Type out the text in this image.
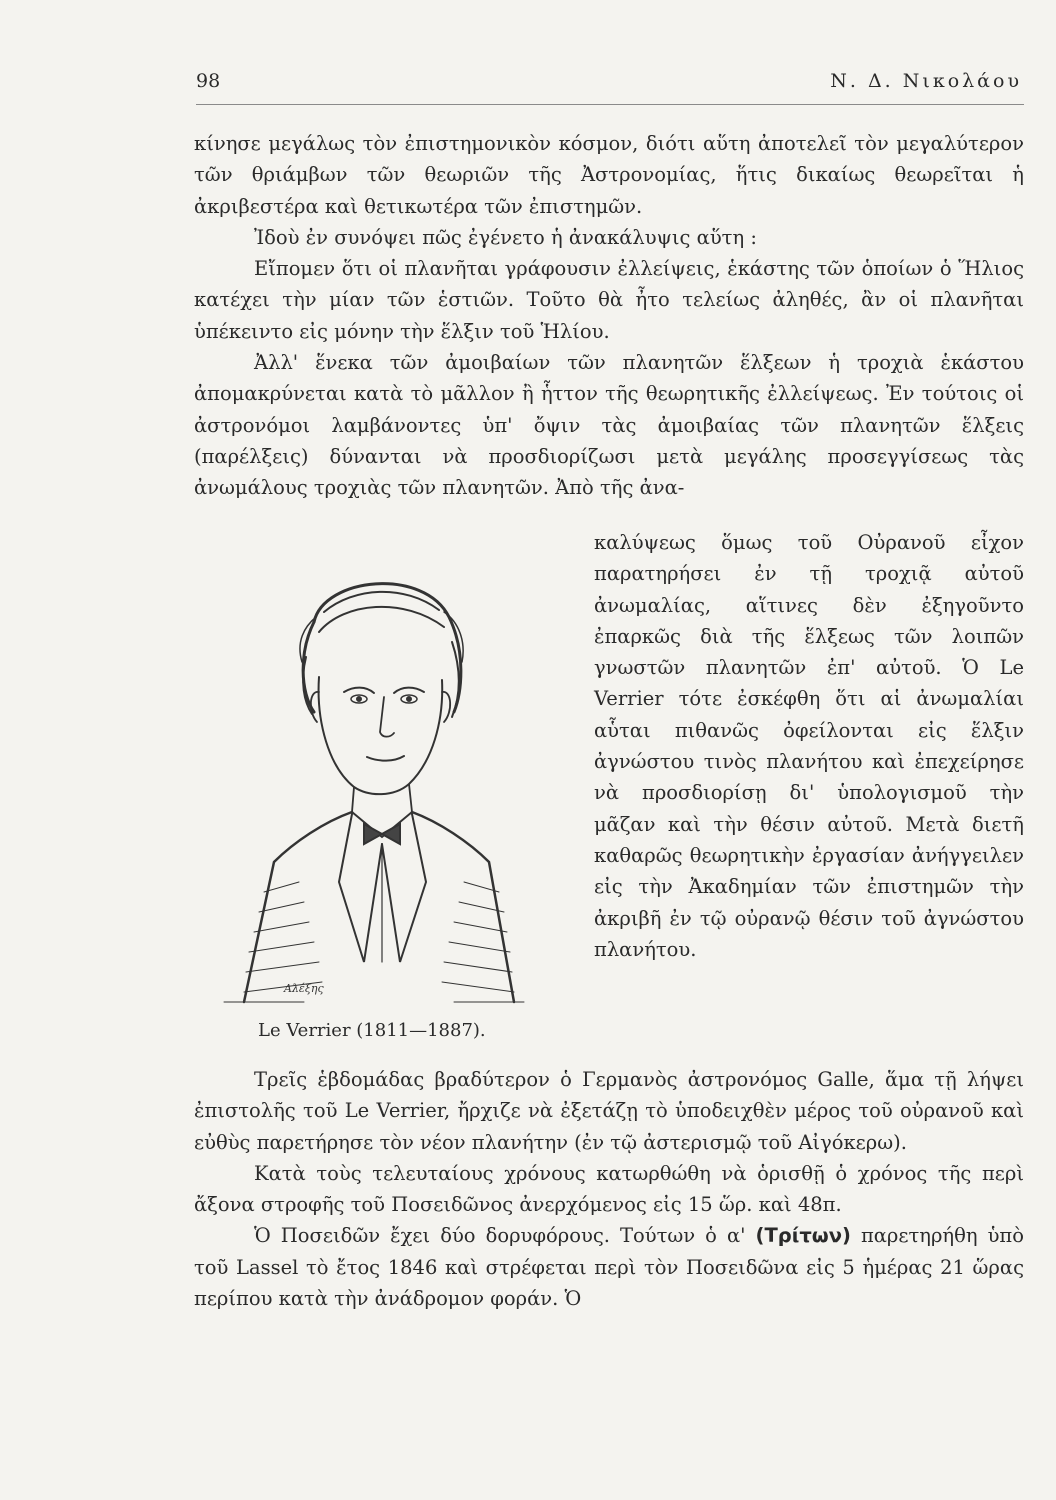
98	Ν. Δ. Νικολάου

κίνησε μεγάλως τὸν ἐπιστημονικὸν κόσμον, διότι αὕτη ἀποτελεῖ τὸν μεγαλύτερον τῶν θριάμβων τῶν θεωριῶν τῆς Ἀστρονομίας, ἥτις δικαίως θεωρεῖται ἡ ἀκριβεστέρα καὶ θετικωτέρα τῶν ἐπιστημῶν.

Ἰδοὺ ἐν συνόψει πῶς ἐγένετο ἡ ἀνακάλυψις αὕτη :

Εἴπομεν ὅτι οἱ πλανῆται γράφουσιν ἐλλείψεις, ἑκάστης τῶν ὁποίων ὁ Ἥλιος κατέχει τὴν μίαν τῶν ἑστιῶν. Τοῦτο θὰ ἦτο τελείως ἀληθές, ἂν οἱ πλανῆται ὑπέκειντο εἰς μόνην τὴν ἕλξιν τοῦ Ἡλίου.

Ἀλλ' ἕνεκα τῶν ἀμοιβαίων τῶν πλανητῶν ἕλξεων ἡ τροχιὰ ἑκάστου ἀπομακρύνεται κατὰ τὸ μᾶλλον ἢ ἧττον τῆς θεωρητικῆς ἐλλείψεως. Ἐν τούτοις οἱ ἀστρονόμοι λαμβάνοντες ὑπ' ὄψιν τὰς ἀμοιβαίας τῶν πλανητῶν ἕλξεις (παρέλξεις) δύνανται νὰ προσδιορίζωσι μετὰ μεγάλης προσεγγίσεως τὰς ἀνωμάλους τροχιὰς τῶν πλανητῶν. Ἀπὸ τῆς ἀνα-

καλύψεως ὅμως τοῦ Οὐρανοῦ εἶχον παρατηρήσει ἐν τῇ τροχιᾷ αὐτοῦ ἀνωμαλίας, αἵτινες δὲν ἐξηγοῦντο ἐπαρκῶς διὰ τῆς ἕλξεως τῶν λοιπῶν γνωστῶν πλανητῶν ἐπ' αὐτοῦ. Ὁ Le Verrier τότε ἐσκέφθη ὅτι αἱ ἀνωμαλίαι αὗται πιθανῶς ὀφείλονται εἰς ἕλξιν ἀγνώστου τινὸς πλανήτου καὶ ἐπεχείρησε νὰ προσδιορίσῃ δι' ὑπολογισμοῦ τὴν μᾶζαν καὶ τὴν θέσιν αὐτοῦ. Μετὰ διετῆ καθαρῶς θεωρητικὴν ἐργασίαν ἀνήγγειλεν εἰς τὴν Ἀκαδημίαν τῶν ἐπιστημῶν τὴν ἀκριβῆ ἐν τῷ οὐρανῷ θέσιν τοῦ ἀγνώστου πλανήτου.

Αλέξης
Le Verrier (1811—1887).

Τρεῖς ἑβδομάδας βραδύτερον ὁ Γερμανὸς ἀστρονόμος Galle, ἅμα τῇ λήψει ἐπιστολῆς τοῦ Le Verrier, ἤρχιζε νὰ ἐξετάζῃ τὸ ὑποδειχθὲν μέρος τοῦ οὐρανοῦ καὶ εὐθὺς παρετήρησε τὸν νέον πλανήτην (ἐν τῷ ἀστερισμῷ τοῦ Αἰγόκερω).

Κατὰ τοὺς τελευταίους χρόνους κατωρθώθη νὰ ὁρισθῇ ὁ χρόνος τῆς περὶ ἄξονα στροφῆς τοῦ Ποσειδῶνος ἀνερχόμενος εἰς 15 ὥρ. καὶ 48π.

Ὁ Ποσειδῶν ἔχει δύο δορυφόρους. Τούτων ὁ α' (Τρίτων) παρετηρήθη ὑπὸ τοῦ Lassel τὸ ἔτος 1846 καὶ στρέφεται περὶ τὸν Ποσειδῶνα εἰς 5 ἡμέρας 21 ὥρας περίπου κατὰ τὴν ἀνάδρομον φοράν. Ὁ
